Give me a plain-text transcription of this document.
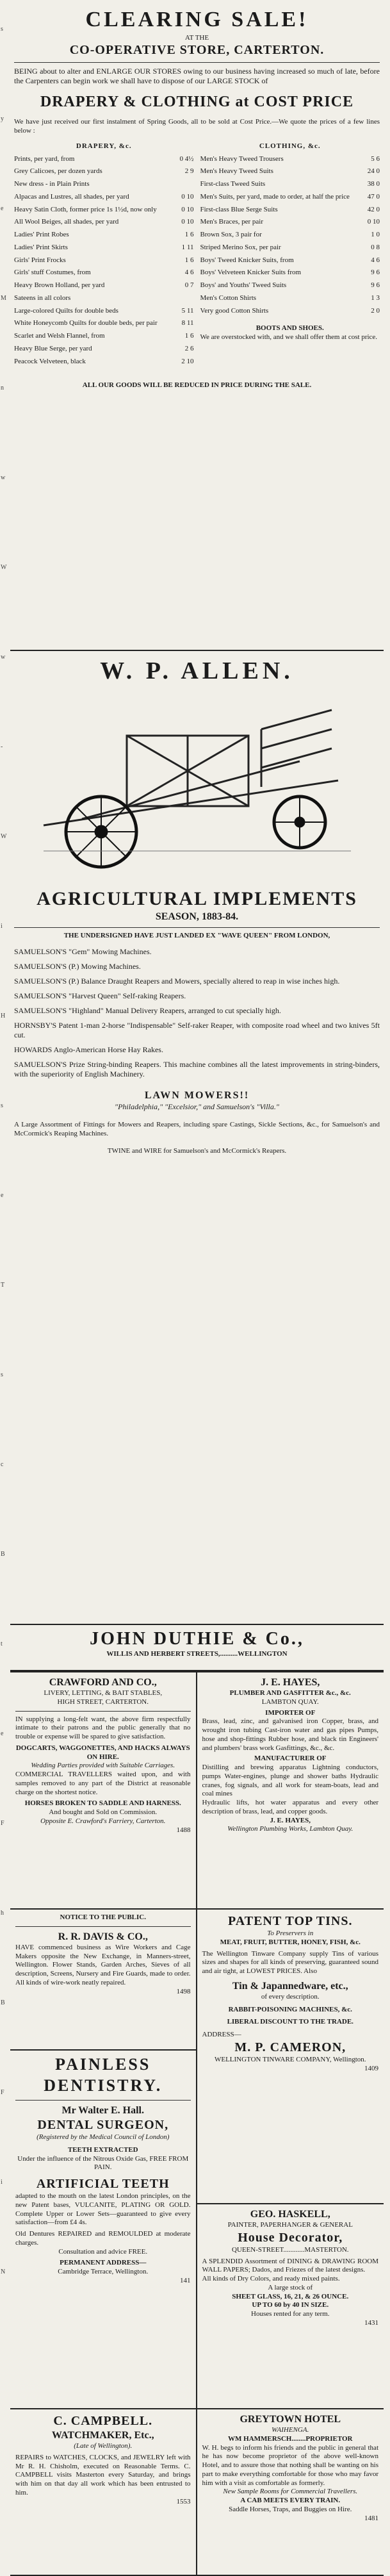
s
y
e
M
n
w
W
w
-
W
i
H
s
e
T
s
c
B
t
e
F
h
B
F
i
N
CLEARING SALE!
AT THE
CO-OPERATIVE STORE, CARTERTON.
BEING about to alter and ENLARGE OUR STORES owing to our business having increased so much of late, before the Carpenters can begin work we shall have to dispose of our LARGE STOCK of
DRAPERY & CLOTHING at COST PRICE
We have just received our first instalment of Spring Goods, all to be sold at Cost Price.—We quote the prices of a few lines below :
DRAPERY, &c.
Prints, per yard, from	0 4½
Grey Calicoes, per dozen yards	2 9
New dress - in Plain Prints
Alpacas and Lustres, all shades, per yard	0 10
Heavy Satin Cloth, former price 1s 1½d, now only	0 10
All Wool Beiges, all shades, per yard	0 10
Ladies' Print Robes	1 6
Ladies' Print Skirts	1 11
Girls' Print Frocks	1 6
Girls' stuff Costumes, from	4 6
Heavy Brown Holland, per yard	0 7
Sateens in all colors
Large-colored Quilts for double beds	5 11
White Honeycomb Quilts for double beds, per pair	8 11
Scarlet and Welsh Flannel, from	1 6
Heavy Blue Serge, per yard	2 6
Peacock Velveteen, black	2 10
CLOTHING, &c.
Men's Heavy Tweed Trousers	5 6
Men's Heavy Tweed Suits	24 0
First-class Tweed Suits	38 0
Men's Suits, per yard, made to order, at half the price	47 0
First-class Blue Serge Suits	42 0
Men's Braces, per pair	0 10
Brown Sox, 3 pair for	1 0
Striped Merino Sox, per pair	0 8
Boys' Tweed Knicker Suits, from	4 6
Boys' Velveteen Knicker Suits from	9 6
Boys' and Youths' Tweed Suits	9 6
Men's Cotton Shirts	1 3
Very good Cotton Shirts	2 0
BOOTS AND SHOES.
We are overstocked with, and we shall offer them at cost price.
ALL OUR GOODS WILL BE REDUCED IN PRICE DURING THE SALE.
W. P. ALLEN.
AGRICULTURAL IMPLEMENTS
SEASON, 1883-84.
THE UNDERSIGNED HAVE JUST LANDED EX "WAVE QUEEN" FROM LONDON,
SAMUELSON'S "Gem" Mowing Machines.
SAMUELSON'S (P.) Mowing Machines.
SAMUELSON'S (P.) Balance Draught Reapers and Mowers, specially altered to reap in wise inches high.
SAMUELSON'S "Harvest Queen" Self-raking Reapers.
SAMUELSON'S "Highland" Manual Delivery Reapers, arranged to cut specially high.
HORNSBY'S Patent 1-man 2-horse "Indispensable" Self-raker Reaper, with composite road wheel and two knives 5ft cut.
HOWARDS Anglo-American Horse Hay Rakes.
SAMUELSON'S Prize String-binding Reapers. This machine combines all the latest improvements in string-binders, with the superiority of English Machinery.
LAWN MOWERS!!
"Philadelphia," "Excelsior," and Samuelson's "Villa."
A Large Assortment of Fittings for Mowers and Reapers, including spare Castings, Sickle Sections, &c., for Samuelson's and McCormick's Reaping Machines.
TWINE and WIRE for Samuelson's and McCormick's Reapers.
JOHN DUTHIE & Co.,
WILLIS AND HERBERT STREETS,..........WELLINGTON
CRAWFORD AND CO.,
LIVERY, LETTING, & BAIT STABLES,
HIGH STREET, CARTERTON.
IN supplying a long-felt want, the above firm respectfully intimate to their patrons and the public generally that no trouble or expense will be spared to give satisfaction.
DOGCARTS, WAGGONETTES, AND HACKS ALWAYS ON HIRE.
Wedding Parties provided with Suitable Carriages.
COMMERCIAL TRAVELLERS waited upon, and with samples removed to any part of the District at reasonable charge on the shortest notice.
HORSES BROKEN TO SADDLE AND HARNESS.
And bought and Sold on Commission.
Opposite E. Crawford's Farriery, Carterton.
1488
J. E. HAYES,
PLUMBER AND GASFITTER &c., &c.
LAMBTON QUAY.
IMPORTER OF
Brass, lead, zinc, and galvanised iron Copper, brass, and wrought iron tubing Cast-iron water and gas pipes Pumps, hose and shop-fittings Rubber hose, and black tin Engineers' and plumbers' brass work Gasfittings, &c., &c.
MANUFACTURER OF
Distilling and brewing apparatus Lightning conductors, pumps Water-engines, plunge and shower baths Hydraulic cranes, fog signals, and all work for steam-boats, lead and coal mines
Hydraulic lifts, hot water apparatus and every other description of brass, lead, and copper goods.
J. E. HAYES,
Wellington Plumbing Works, Lambton Quay.
NOTICE TO THE PUBLIC.
R. R. DAVIS & CO.,
HAVE commenced business as Wire Workers and Cage Makers opposite the New Exchange, in Manners-street, Wellington. Flower Stands, Garden Arches, Sieves of all description, Screens, Nursery and Fire Guards, made to order. All kinds of wire-work neatly repaired.
1498
PATENT TOP TINS.
To Preservers in
MEAT, FRUIT, BUTTER, HONEY, FISH, &c.
The Wellington Tinware Company supply Tins of various sizes and shapes for all kinds of preserving, guaranteed sound and air tight, at LOWEST PRICES. Also
Tin & Japannedware, etc.,
of every description.
RABBIT-POISONING MACHINES, &c.
LIBERAL DISCOUNT TO THE TRADE.
ADDRESS—
M. P. CAMERON,
WELLINGTON TINWARE COMPANY, Wellington.
1409
PAINLESS
DENTISTRY.
Mr Walter E. Hall.
DENTAL SURGEON,
(Registered by the Medical Council of London)
TEETH EXTRACTED
Under the influence of the Nitrous Oxide Gas, FREE FROM PAIN.
ARTIFICIAL TEETH
adapted to the mouth on the latest London principles, on the new Patent bases, VULCANITE, PLATING OR GOLD. Complete Upper or Lower Sets—guaranteed to give every satisfaction—from £4 4s.
Old Dentures REPAIRED and REMOULDED at moderate charges.
Consultation and advice FREE.
PERMANENT ADDRESS—
Cambridge Terrace, Wellington.
141
GEO. HASKELL,
PAINTER, PAPERHANGER & GENERAL
House Decorator,
QUEEN-STREET............MASTERTON.
A SPLENDID Assortment of DINING & DRAWING ROOM WALL PAPERS; Dados, and Friezes of the latest designs.
All kinds of Dry Colors, and ready mixed paints.
A large stock of
SHEET GLASS, 16, 21, & 26 OUNCE.
UP TO 60 by 40 IN SIZE.
Houses rented for any term.
1431
C. CAMPBELL.
WATCHMAKER, Etc.,
(Late of Wellington).
REPAIRS to WATCHES, CLOCKS, and JEWELRY left with Mr R. H. Chisholm, executed on Reasonable Terms. C. CAMPBELL visits Masterton every Saturday, and brings with him on that day all work which has been entrusted to him.
1553
GREYTOWN HOTEL
WAIHENGA.
WM HAMMERSCH........PROPRIETOR
W. H. begs to inform his friends and the public in general that he has now become proprietor of the above well-known Hotel, and to assure those that nothing shall be wanting on his part to make everything comfortable for those who may favor him with a visit as comfortable as formerly.
New Sample Rooms for Commercial Travellers.
A CAB MEETS EVERY TRAIN.
Saddle Horses, Traps, and Buggies on Hire.
1481
